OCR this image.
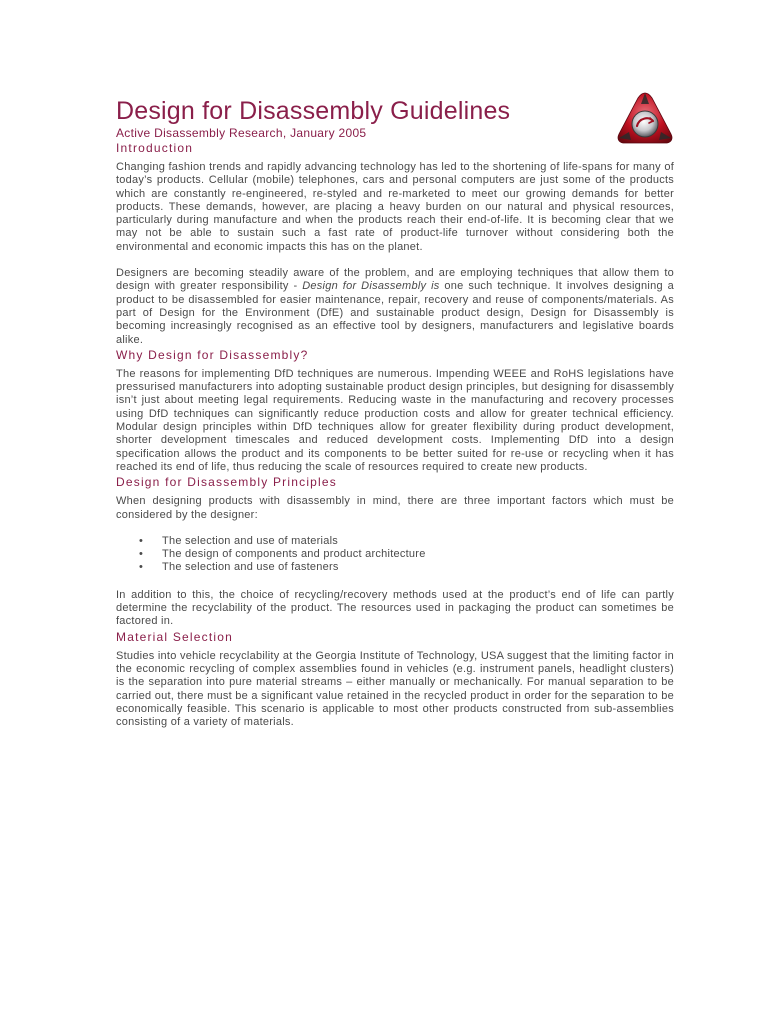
Design for Disassembly Guidelines
Active Disassembly Research, January 2005
Introduction

Changing fashion trends and rapidly advancing technology has led to the shortening of life-spans for many of today’s products. Cellular (mobile) telephones, cars and personal computers are just some of the products which are constantly re-engineered, re-styled and re-marketed to meet our growing demands for better products. These demands, however, are placing a heavy burden on our natural and physical resources, particularly during manufacture and when the products reach their end-of-life. It is becoming clear that we may not be able to sustain such a fast rate of product-life turnover without considering both the environmental and economic impacts this has on the planet.

Designers are becoming steadily aware of the problem, and are employing techniques that allow them to design with greater responsibility - Design for Disassembly is one such technique. It involves designing a product to be disassembled for easier maintenance, repair, recovery and reuse of components/materials. As part of Design for the Environment (DfE) and sustainable product design, Design for Disassembly is becoming increasingly recognised as an effective tool by designers, manufacturers and legislative boards alike.

Why Design for Disassembly?

The reasons for implementing DfD techniques are numerous. Impending WEEE and RoHS legislations have pressurised manufacturers into adopting sustainable product design principles, but designing for disassembly isn’t just about meeting legal requirements. Reducing waste in the manufacturing and recovery processes using DfD techniques can significantly reduce production costs and allow for greater technical efficiency. Modular design principles within DfD techniques allow for greater flexibility during product development, shorter development timescales and reduced development costs. Implementing DfD into a design specification allows the product and its components to be better suited for re-use or recycling when it has reached its end of life, thus reducing the scale of resources required to create new products.

Design for Disassembly Principles

When designing products with disassembly in mind, there are three important factors which must be considered by the designer:

• The selection and use of materials
• The design of components and product architecture
• The selection and use of fasteners

In addition to this, the choice of recycling/recovery methods used at the product’s end of life can partly determine the recyclability of the product. The resources used in packaging the product can sometimes be factored in.

Material Selection

Studies into vehicle recyclability at the Georgia Institute of Technology, USA suggest that the limiting factor in the economic recycling of complex assemblies found in vehicles (e.g. instrument panels, headlight clusters) is the separation into pure material streams – either manually or mechanically. For manual separation to be carried out, there must be a significant value retained in the recycled product in order for the separation to be economically feasible. This scenario is applicable to most other products constructed from sub-assemblies consisting of a variety of materials.
